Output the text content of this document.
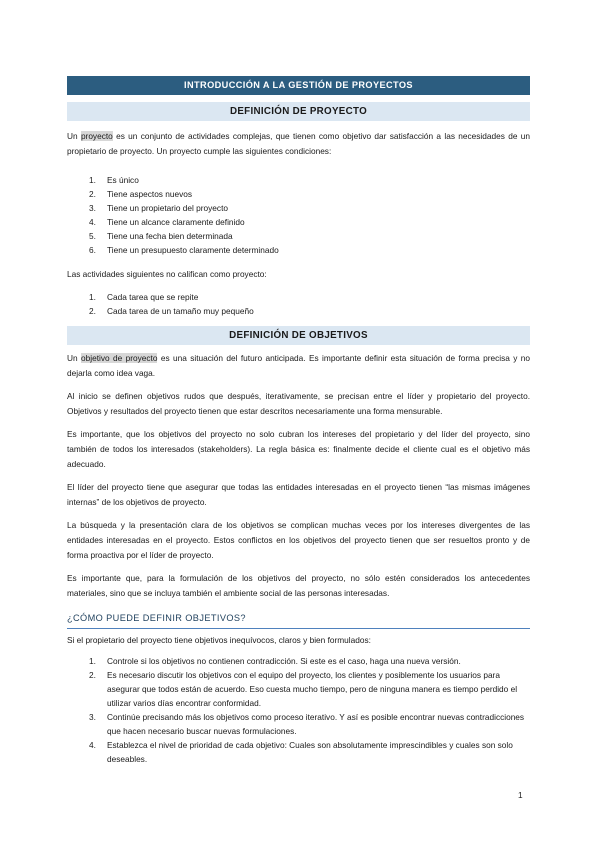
INTRODUCCIÓN A LA GESTIÓN DE PROYECTOS
DEFINICIÓN DE PROYECTO

Un proyecto es un conjunto de actividades complejas, que tienen como objetivo dar satisfacción a las necesidades de un propietario de proyecto. Un proyecto cumple las siguientes condiciones:

1. Es único
2. Tiene aspectos nuevos
3. Tiene un propietario del proyecto
4. Tiene un alcance claramente definido
5. Tiene una fecha bien determinada
6. Tiene un presupuesto claramente determinado

Las actividades siguientes no califican como proyecto:

1. Cada tarea que se repite
2. Cada tarea de un tamaño muy pequeño
DEFINICIÓN DE OBJETIVOS

Un objetivo de proyecto es una situación del futuro anticipada. Es importante definir esta situación de forma precisa y no dejarla como idea vaga.

Al inicio se definen objetivos rudos que después, iterativamente, se precisan entre el líder y propietario del proyecto. Objetivos y resultados del proyecto tienen que estar descritos necesariamente una forma mensurable.

Es importante, que los objetivos del proyecto no solo cubran los intereses del propietario y del líder del proyecto, sino también de todos los interesados (stakeholders). La regla básica es: finalmente decide el cliente cual es el objetivo más adecuado.

El líder del proyecto tiene que asegurar que todas las entidades interesadas en el proyecto tienen “las mismas imágenes internas” de los objetivos de proyecto.

La búsqueda y la presentación clara de los objetivos se complican muchas veces por los intereses divergentes de las entidades interesadas en el proyecto. Estos conflictos en los objetivos del proyecto tienen que ser resueltos pronto y de forma proactiva por el líder de proyecto.

Es importante que, para la formulación de los objetivos del proyecto, no sólo estén considerados los antecedentes materiales, sino que se incluya también el ambiente social de las personas interesadas.

¿CÓMO PUEDE DEFINIR OBJETIVOS?

Si el propietario del proyecto tiene objetivos inequívocos, claros y bien formulados:

1. Controle si los objetivos no contienen contradicción. Si este es el caso, haga una nueva versión.
2. Es necesario discutir los objetivos con el equipo del proyecto, los clientes y posiblemente los usuarios para asegurar que todos están de acuerdo. Eso cuesta mucho tiempo, pero de ninguna manera es tiempo perdido el utilizar varios días encontrar conformidad.
3. Continúe precisando más los objetivos como proceso iterativo. Y así es posible encontrar nuevas contradicciones que hacen necesario buscar nuevas formulaciones.
4. Establezca el nivel de prioridad de cada objetivo: Cuales son absolutamente imprescindibles y cuales son solo deseables.
1
